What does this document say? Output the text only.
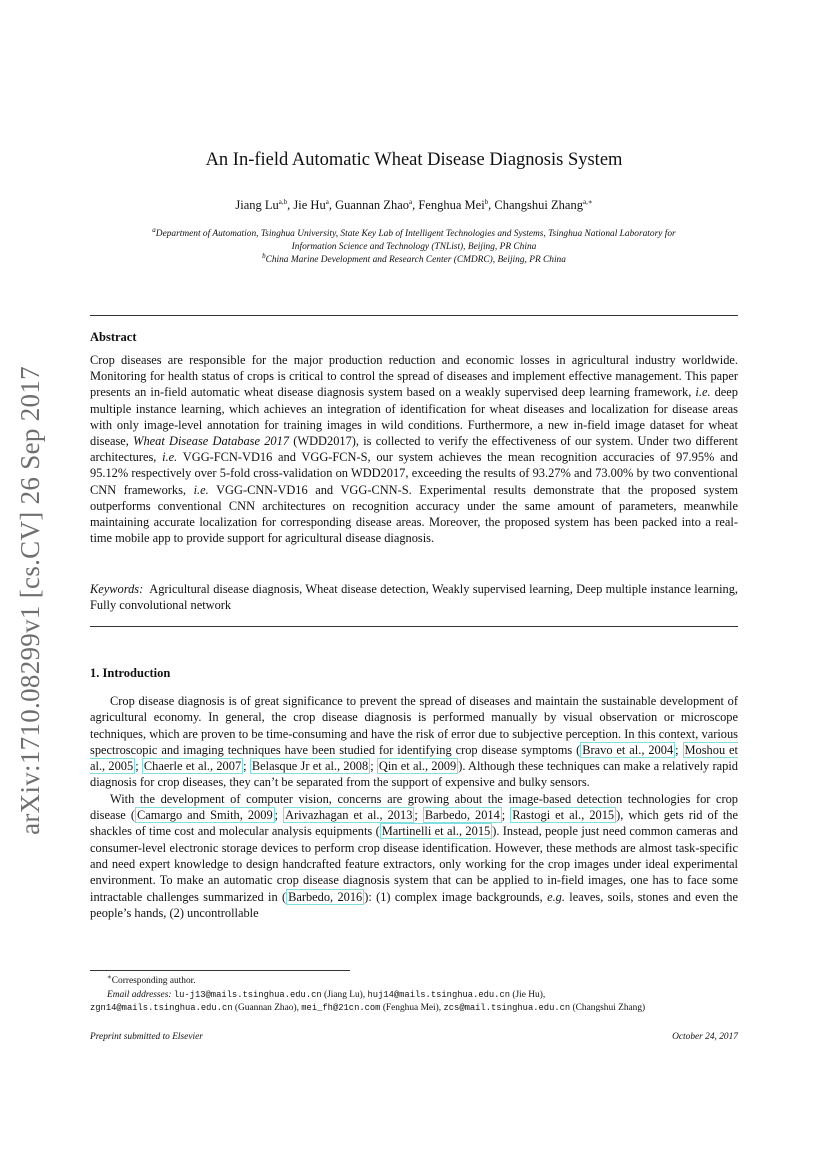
arXiv:1710.08299v1 [cs.CV] 26 Sep 2017
An In-field Automatic Wheat Disease Diagnosis System
Jiang Lu$^{a,b}$, Jie Hu$^a$, Guannan Zhao$^a$, Fenghua Mei$^b$, Changshui Zhang$^{a,∗}$
$^a$Department of Automation, Tsinghua University, State Key Lab of Intelligent Technologies and Systems, Tsinghua National Laboratory for
Information Science and Technology (TNList), Beijing, PR China
$^b$China Marine Development and Research Center (CMDRC), Beijing, PR China
Abstract
Crop diseases are responsible for the major production reduction and economic losses in agricultural industry worldwide. Monitoring for health status of crops is critical to control the spread of diseases and implement effective management. This paper presents an in-field automatic wheat disease diagnosis system based on a weakly supervised deep learning framework, i.e. deep multiple instance learning, which achieves an integration of identification for wheat diseases and localization for disease areas with only image-level annotation for training images in wild conditions. Furthermore, a new in-field image dataset for wheat disease, Wheat Disease Database 2017 (WDD2017), is collected to verify the effectiveness of our system. Under two different architectures, i.e. VGG-FCN-VD16 and VGG-FCN-S, our system achieves the mean recognition accuracies of 97.95% and 95.12% respectively over 5-fold cross-validation on WDD2017, exceeding the results of 93.27% and 73.00% by two conventional CNN frameworks, i.e. VGG-CNN-VD16 and VGG-CNN-S. Experimental results demonstrate that the proposed system outperforms conventional CNN architectures on recognition accuracy under the same amount of parameters, meanwhile maintaining accurate localization for corresponding disease areas. Moreover, the proposed system has been packed into a real-time mobile app to provide support for agricultural disease diagnosis.
Keywords: Agricultural disease diagnosis, Wheat disease detection, Weakly supervised learning, Deep multiple instance learning, Fully convolutional network
1. Introduction

Crop disease diagnosis is of great significance to prevent the spread of diseases and maintain the sustainable development of agricultural economy. In general, the crop disease diagnosis is performed manually by visual observation or microscope techniques, which are proven to be time-consuming and have the risk of error due to subjective perception. In this context, various spectroscopic and imaging techniques have been studied for identifying crop disease symptoms ( Bravo et al., 2004 ; Moshou et al., 2005 ; Chaerle et al., 2007 ; Belasque Jr et al., 2008 ; Qin et al., 2009 ). Although these techniques can make a relatively rapid diagnosis for crop diseases, they can’t be separated from the support of expensive and bulky sensors.

With the development of computer vision, concerns are growing about the image-based detection technologies for crop disease ( Camargo and Smith, 2009 ; Arivazhagan et al., 2013 ; Barbedo, 2014 ; Rastogi et al., 2015 ), which gets rid of the shackles of time cost and molecular analysis equipments ( Martinelli et al., 2015 ). Instead, people just need common cameras and consumer-level electronic storage devices to perform crop disease identification. However, these methods are almost task-specific and need expert knowledge to design handcrafted feature extractors, only working for the crop images under ideal experimental environment. To make an automatic crop disease diagnosis system that can be applied to in-field images, one has to face some intractable challenges summarized in ( Barbedo, 2016 ): (1) complex image backgrounds, e.g. leaves, soils, stones and even the people’s hands, (2) uncontrollable

∗Corresponding author.
Email addresses: lu-j13@mails.tsinghua.edu.cn (Jiang Lu), huj14@mails.tsinghua.edu.cn (Jie Hu),
zgn14@mails.tsinghua.edu.cn (Guannan Zhao), mei_fh@21cn.com (Fenghua Mei), zcs@mail.tsinghua.edu.cn (Changshui Zhang)
Preprint submitted to Elsevier	October 24, 2017
